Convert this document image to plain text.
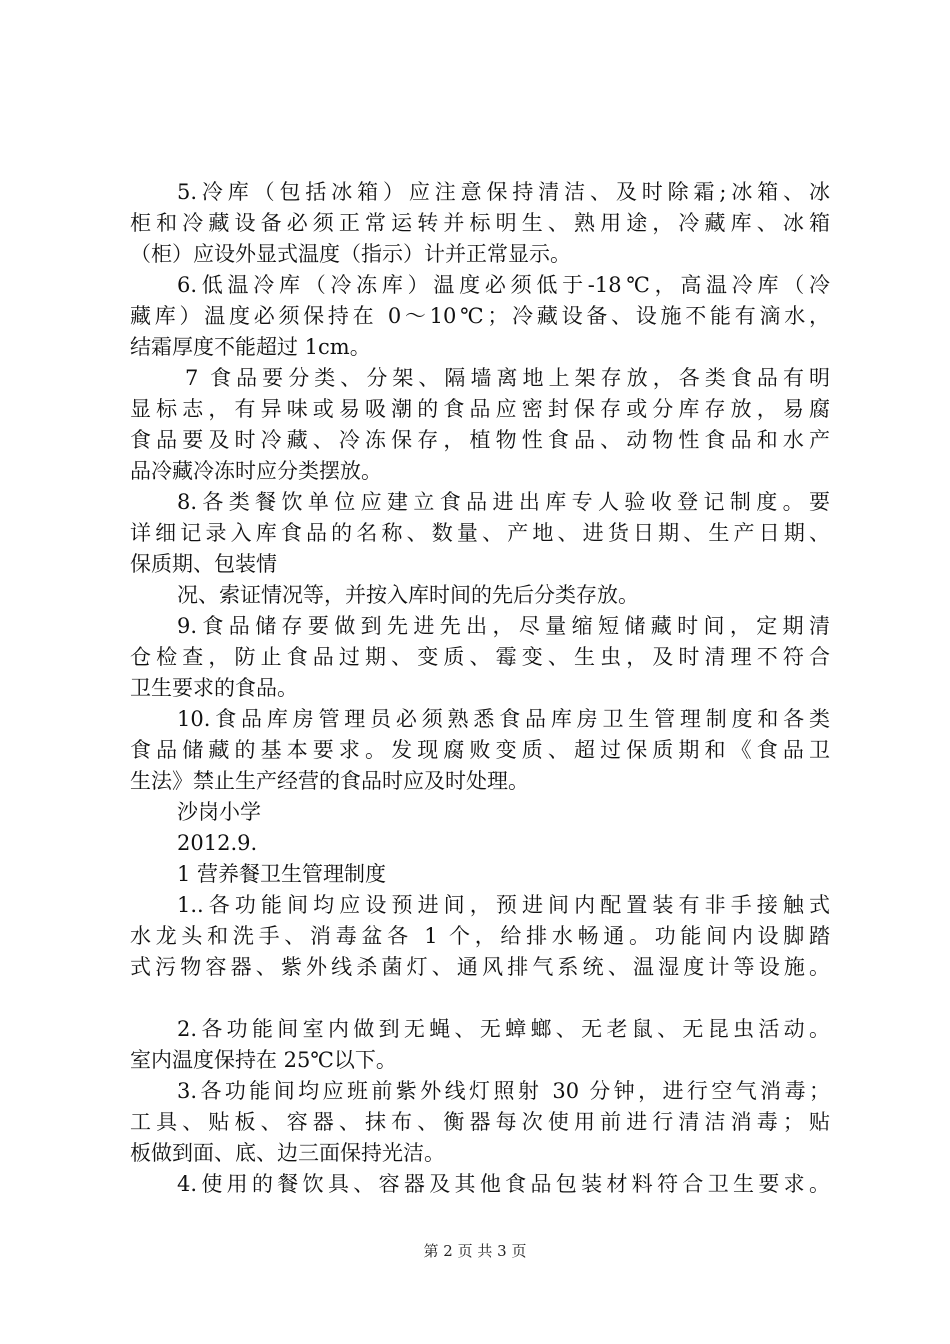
5.冷库（包括冰箱）应注意保持清洁、及时除霜;冰箱、冰
柜和冷藏设备必须正常运转并标明生、熟用途，冷藏库、冰箱
（柜）应设外显式温度（指示）计并正常显示。
6.低温冷库（冷冻库）温度必须低于-18℃，高温冷库（冷
藏库）温度必须保持在 0～10℃；冷藏设备、设施不能有滴水，
结霜厚度不能超过 1cm。
7 食品要分类、分架、隔墙离地上架存放，各类食品有明
显标志，有异味或易吸潮的食品应密封保存或分库存放，易腐
食品要及时冷藏、冷冻保存，植物性食品、动物性食品和水产
品冷藏冷冻时应分类摆放。
8.各类餐饮单位应建立食品进出库专人验收登记制度。要
详细记录入库食品的名称、数量、产地、进货日期、生产日期、
保质期、包装情
况、索证情况等，并按入库时间的先后分类存放。
9.食品储存要做到先进先出，尽量缩短储藏时间，定期清
仓检查，防止食品过期、变质、霉变、生虫，及时清理不符合
卫生要求的食品。
10.食品库房管理员必须熟悉食品库房卫生管理制度和各类
食品储藏的基本要求。发现腐败变质、超过保质期和《食品卫
生法》禁止生产经营的食品时应及时处理。
沙岗小学
2012.9.
1 营养餐卫生管理制度
1..各功能间均应设预进间，预进间内配置装有非手接触式
水龙头和洗手、消毒盆各 1 个，给排水畅通。功能间内设脚踏
式污物容器、紫外线杀菌灯、通风排气系统、温湿度计等设施。
2.各功能间室内做到无蝇、无蟑螂、无老鼠、无昆虫活动。
室内温度保持在 25℃以下。
3.各功能间均应班前紫外线灯照射 30 分钟，进行空气消毒；
工具、贴板、容器、抹布、衡器每次使用前进行清洁消毒；贴
板做到面、底、边三面保持光洁。
4.使用的餐饮具、容器及其他食品包装材料符合卫生要求。
第 2 页 共 3 页
